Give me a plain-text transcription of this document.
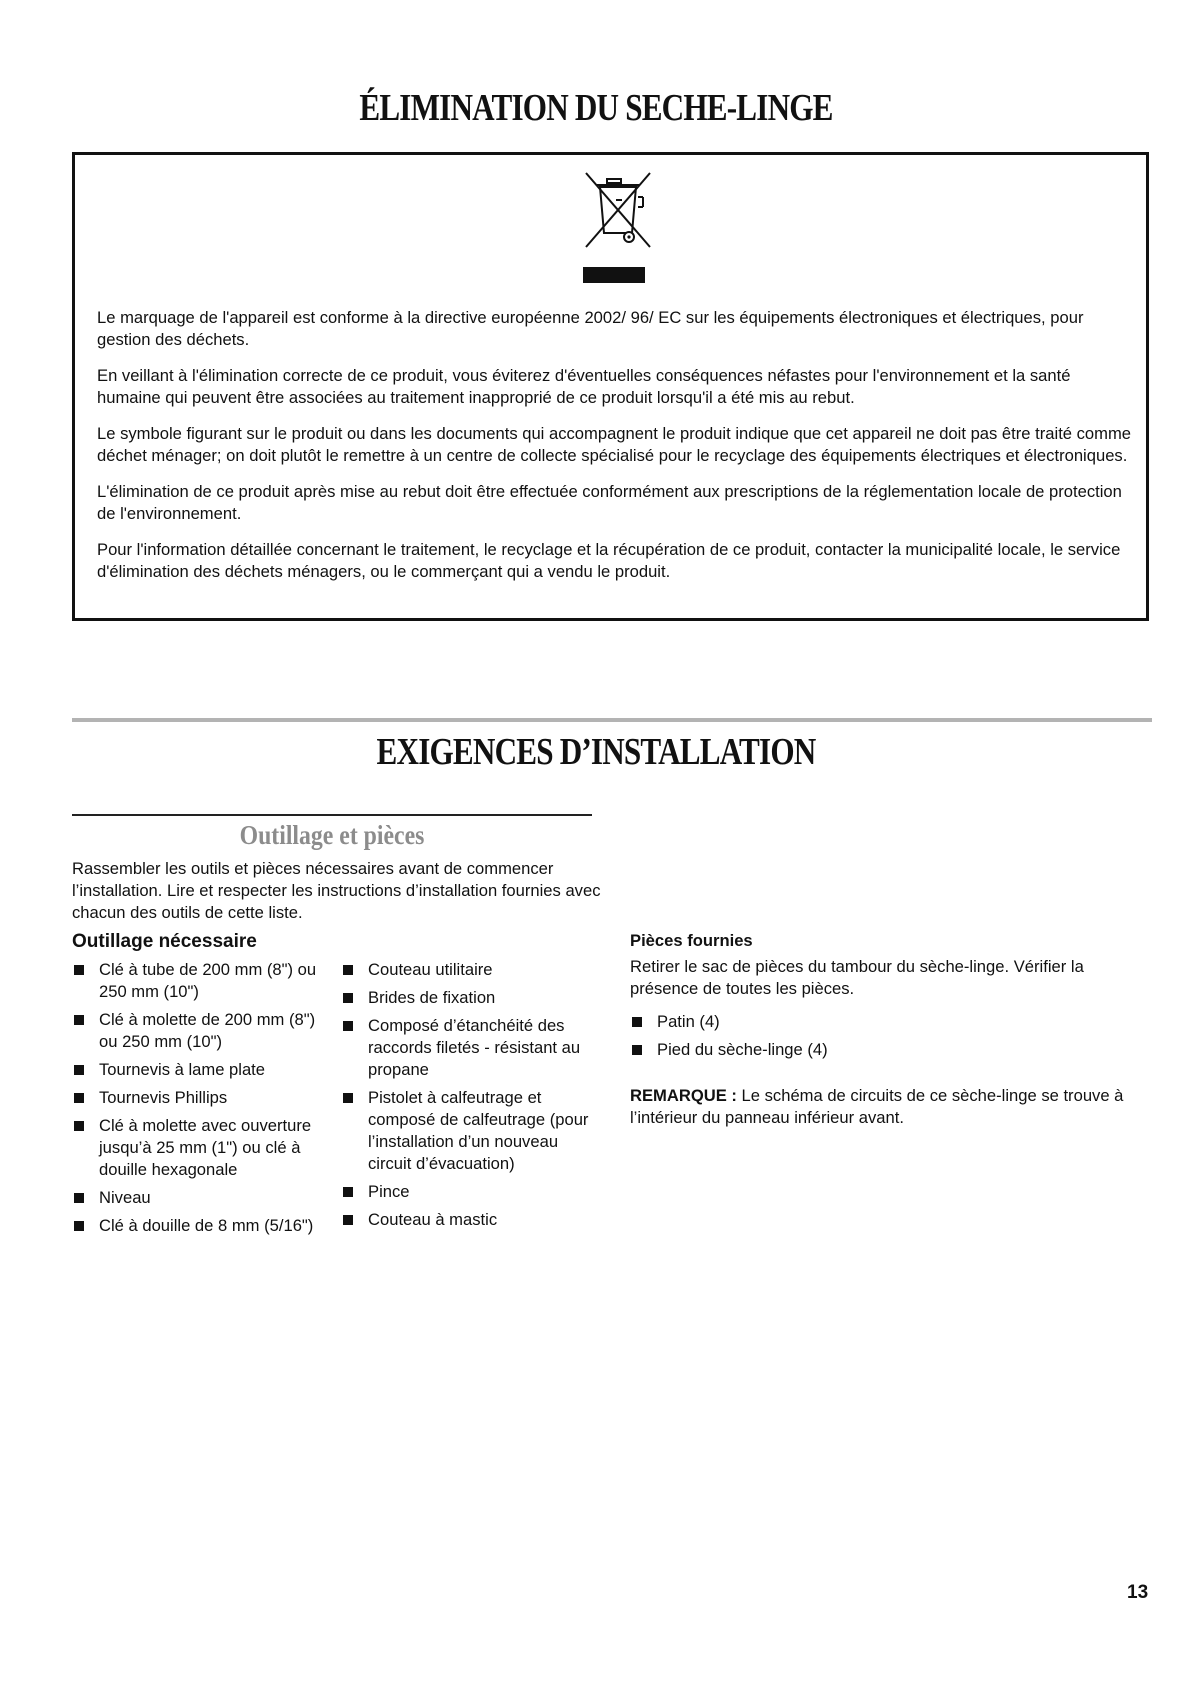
ÉLIMINATION DU SECHE-LINGE

Le marquage de l'appareil est conforme à la directive européenne 2002/ 96/ EC sur les équipements électroniques et électriques, pour gestion des déchets.

En veillant à l'élimination correcte de ce produit, vous éviterez d'éventuelles conséquences néfastes pour l'environnement et la santé humaine qui peuvent être associées au traitement inapproprié de ce produit lorsqu'il a été mis au rebut.

Le symbole figurant sur le produit ou dans les documents qui accompagnent le produit indique que cet appareil ne doit pas être traité comme déchet ménager; on doit plutôt le remettre à un centre de collecte spécialisé pour le recyclage des équipements électriques et électroniques.

L'élimination de ce produit après mise au rebut doit être effectuée conformément aux prescriptions de la réglementation locale de protection de l'environnement.

Pour l'information détaillée concernant le traitement, le recyclage et la récupération de ce produit, contacter la municipalité locale, le service d'élimination des déchets ménagers, ou le commerçant qui a vendu le produit.

EXIGENCES D’INSTALLATION
Outillage et pièces

Rassembler les outils et pièces nécessaires avant de commencer l’installation. Lire et respecter les instructions d’installation fournies avec chacun des outils de cette liste.

Outillage nécessaire
Clé à tube de 200 mm (8") ou 250 mm (10")
Clé à molette de 200 mm (8") ou 250 mm (10")
Tournevis à lame plate
Tournevis Phillips
Clé à molette avec ouverture jusqu’à 25 mm (1") ou clé à douille hexagonale
Niveau
Clé à douille de 8 mm (5/16")
Couteau utilitaire
Brides de fixation
Composé d’étanchéité des raccords filetés - résistant au propane
Pistolet à calfeutrage et composé de calfeutrage (pour l’installation d’un nouveau circuit d’évacuation)
Pince
Couteau à mastic
Pièces fournies

Retirer le sac de pièces du tambour du sèche-linge. Vérifier la présence de toutes les pièces.

Patin (4)
Pied du sèche-linge (4)

REMARQUE : Le schéma de circuits de ce sèche-linge se trouve à l’intérieur du panneau inférieur avant.

13
